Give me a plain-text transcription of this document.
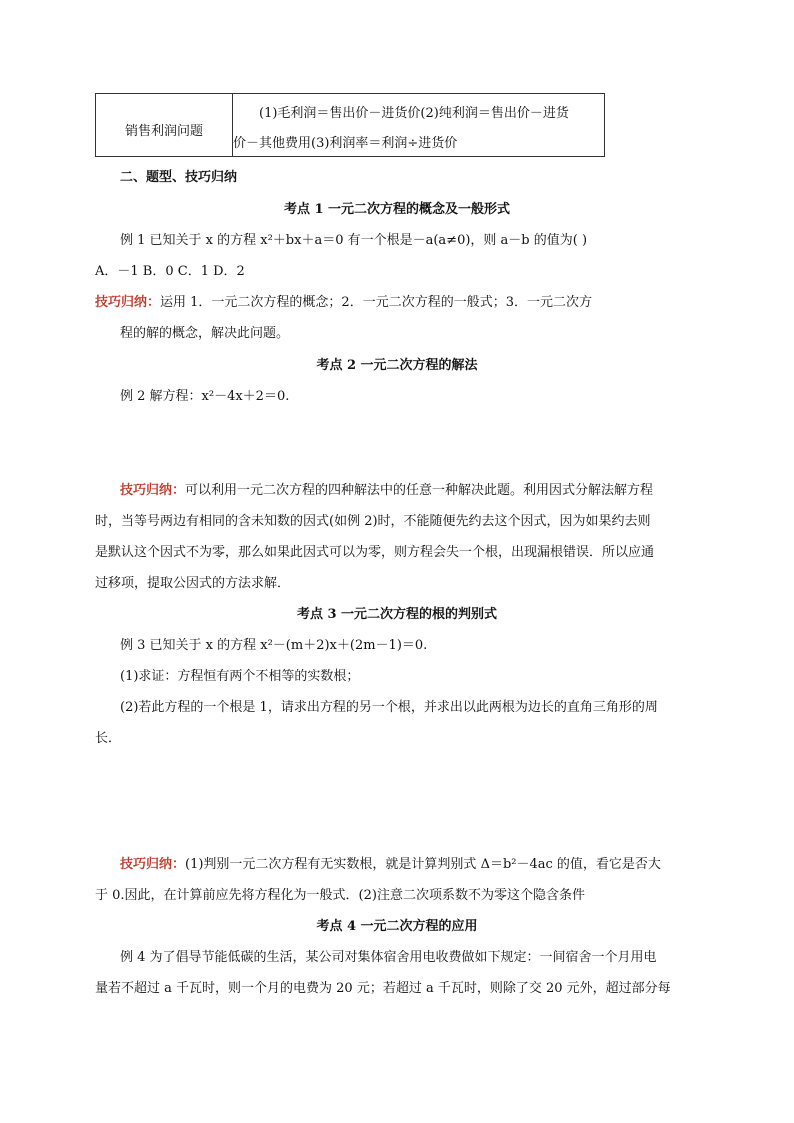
销售利润问题
(1)毛利润＝售出价－进货价(2)纯利润＝售出价－进货
价－其他费用(3)利润率＝利润÷进货价
二、题型、技巧归纳
考点 1 一元二次方程的概念及一般形式
例 1 已知关于 x 的方程 x²＋bx＋a＝0 有一个根是－a(a≠0)，则 a－b 的值为( )
A．－1 B．0 C．1 D．2
技巧归纳：运用 1．一元二次方程的概念；2．一元二次方程的一般式；3．一元二次方
程的解的概念，解决此问题。
考点 2 一元二次方程的解法
例 2 解方程：x²－4x＋2＝0.
技巧归纳：可以利用一元二次方程的四种解法中的任意一种解决此题。利用因式分解法解方程
时，当等号两边有相同的含未知数的因式(如例 2)时，不能随便先约去这个因式，因为如果约去则
是默认这个因式不为零，那么如果此因式可以为零，则方程会失一个根，出现漏根错误．所以应通
过移项，提取公因式的方法求解．
考点 3 一元二次方程的根的判别式
例 3 已知关于 x 的方程 x²－(m＋2)x＋(2m－1)＝0.
(1)求证：方程恒有两个不相等的实数根；
(2)若此方程的一个根是 1，请求出方程的另一个根，并求出以此两根为边长的直角三角形的周
长．
技巧归纳：(1)判别一元二次方程有无实数根，就是计算判别式 Δ＝b²－4ac 的值，看它是否大
于 0.因此，在计算前应先将方程化为一般式．(2)注意二次项系数不为零这个隐含条件
考点 4 一元二次方程的应用
例 4 为了倡导节能低碳的生活，某公司对集体宿舍用电收费做如下规定：一间宿舍一个月用电
量若不超过 a 千瓦时，则一个月的电费为 20 元；若超过 a 千瓦时，则除了交 20 元外，超过部分每
